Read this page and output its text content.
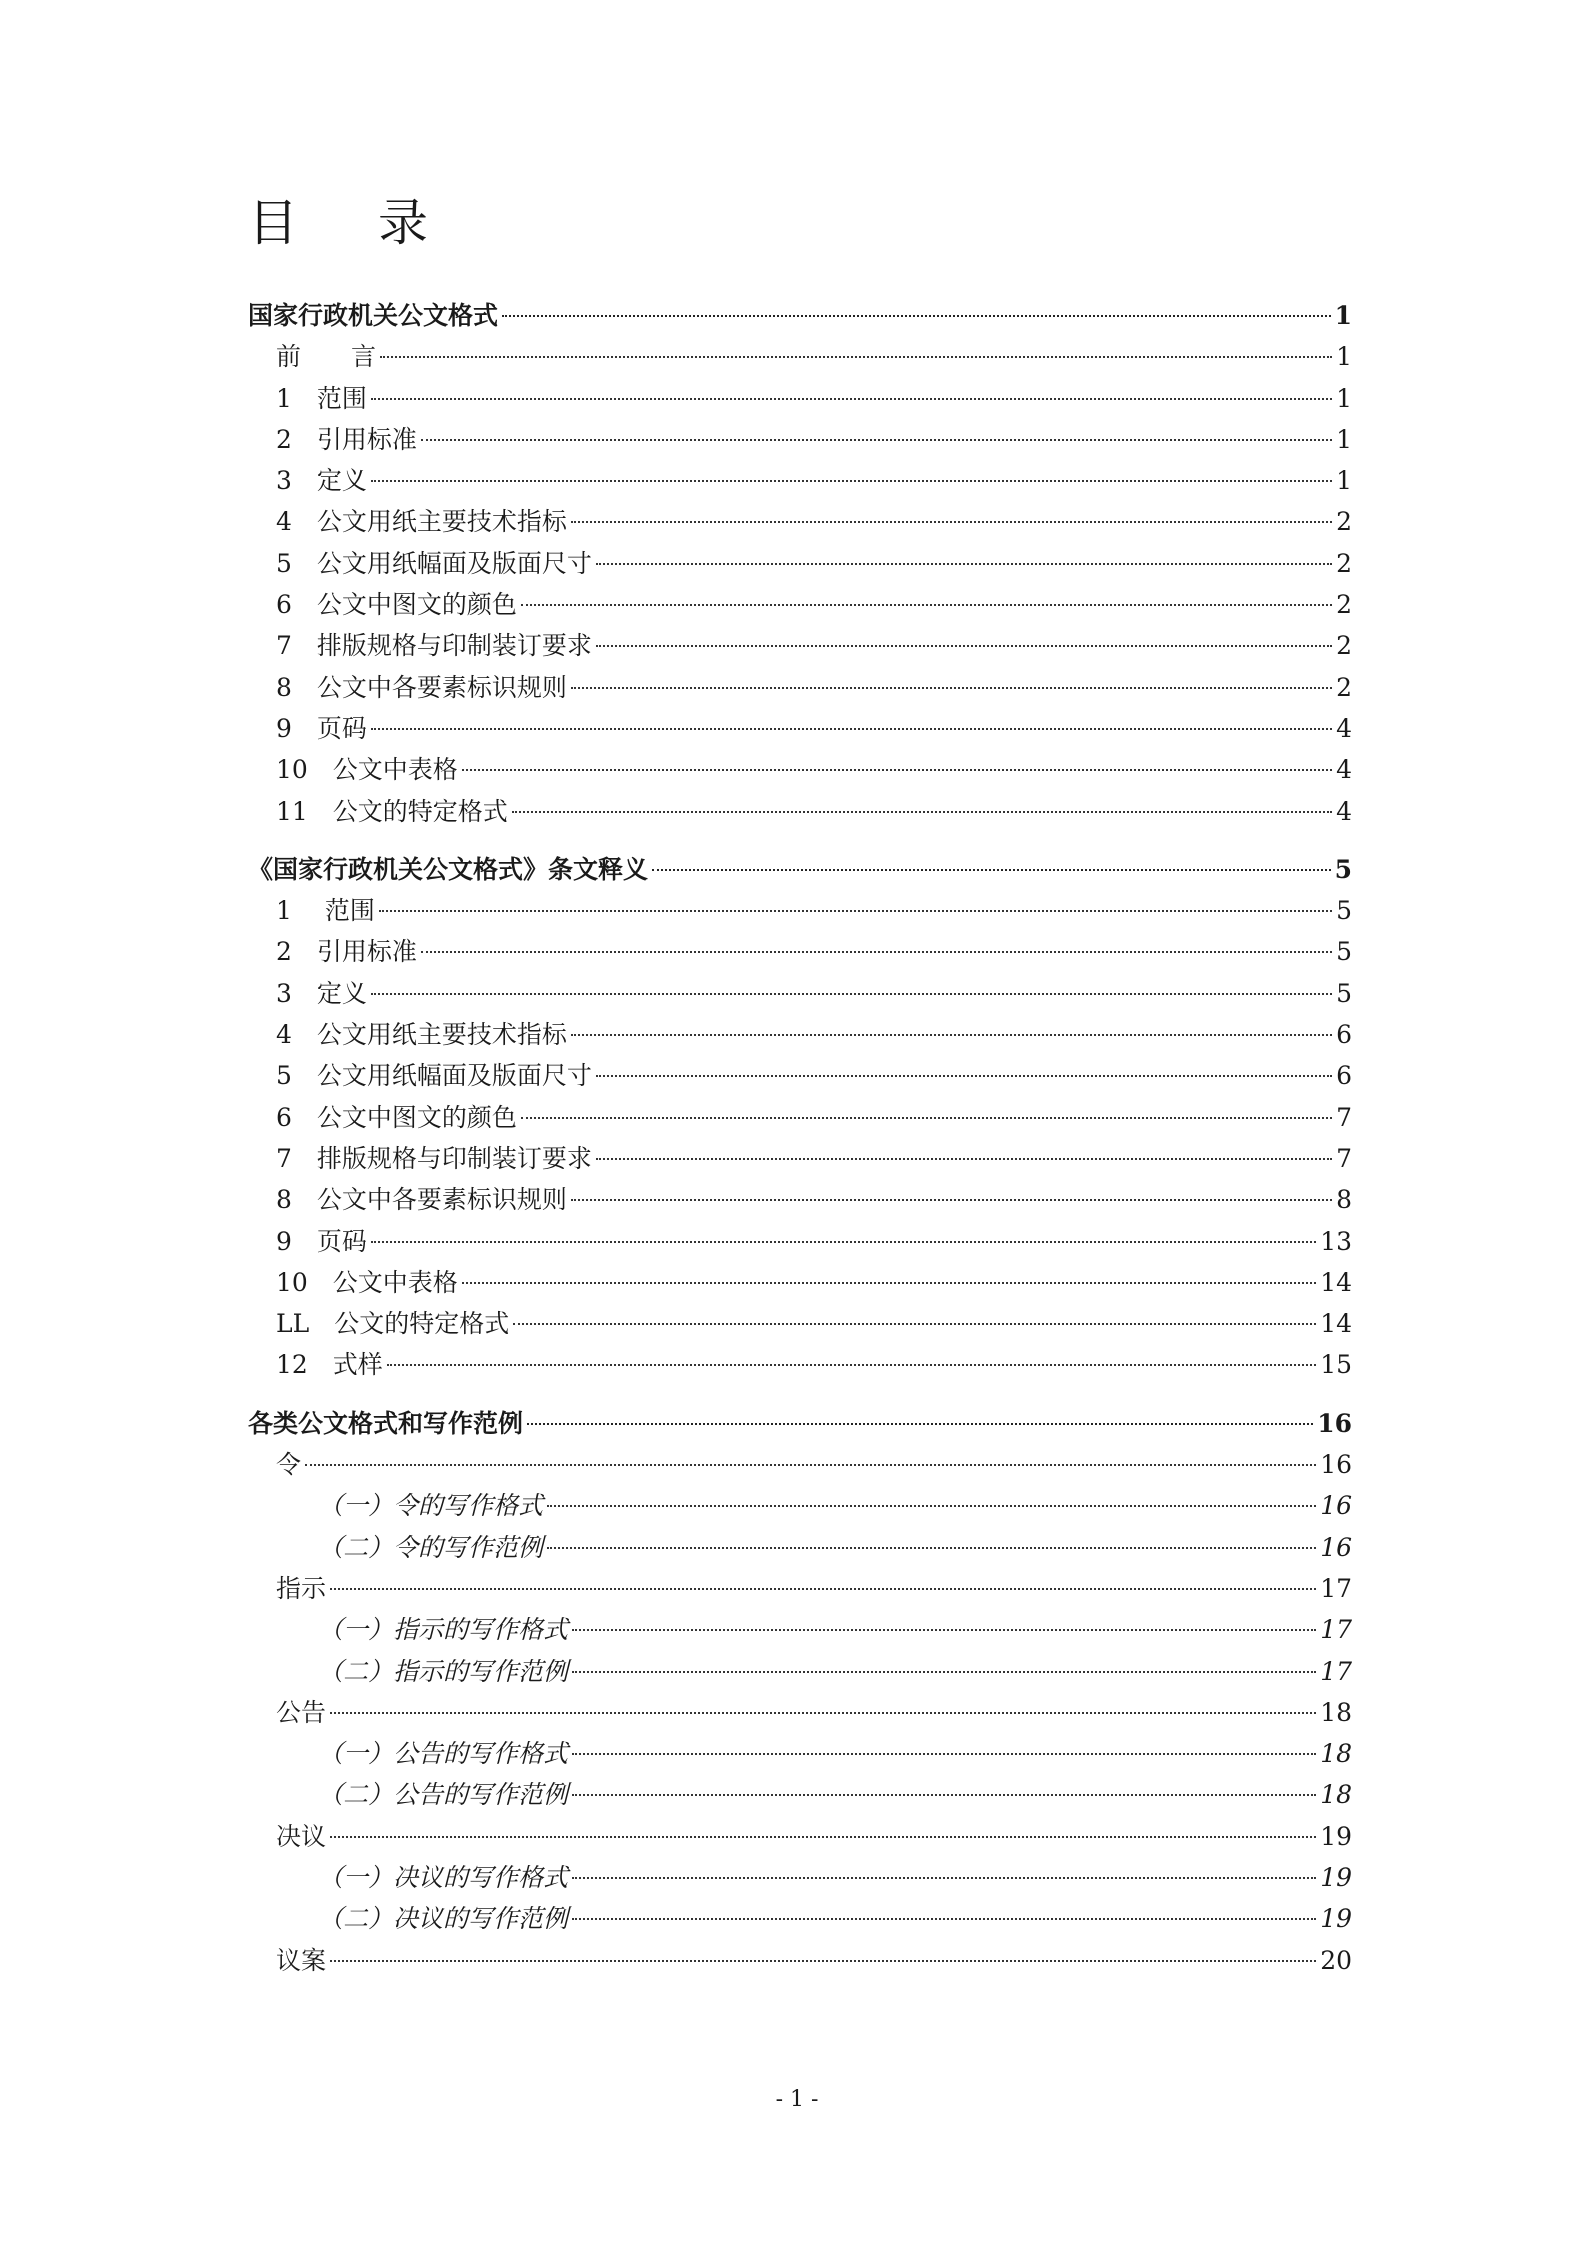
目 录
国家行政机关公文格式	1
前　　言	1
1　范围	1
2　引用标准	1
3　定义	1
4　公文用纸主要技术指标	2
5　公文用纸幅面及版面尺寸	2
6　公文中图文的颜色	2
7　排版规格与印制装订要求	2
8　公文中各要素标识规则	2
9　页码	4
10　公文中表格	4
11　公文的特定格式	4
《国家行政机关公文格式》条文释义	5
1　 范围	5
2　引用标准	5
3　定义	5
4　公文用纸主要技术指标	6
5　公文用纸幅面及版面尺寸	6
6　公文中图文的颜色	7
7　排版规格与印制装订要求	7
8　公文中各要素标识规则	8
9　页码	13
10　公文中表格	14
LL　公文的特定格式	14
12　式样	15
各类公文格式和写作范例	16
令	16
（一）令的写作格式	16
（二）令的写作范例	16
指示	17
（一）指示的写作格式	17
（二）指示的写作范例	17
公告	18
（一）公告的写作格式	18
（二）公告的写作范例	18
决议	19
（一）决议的写作格式	19
（二）决议的写作范例	19
议案	20
- 1 -
